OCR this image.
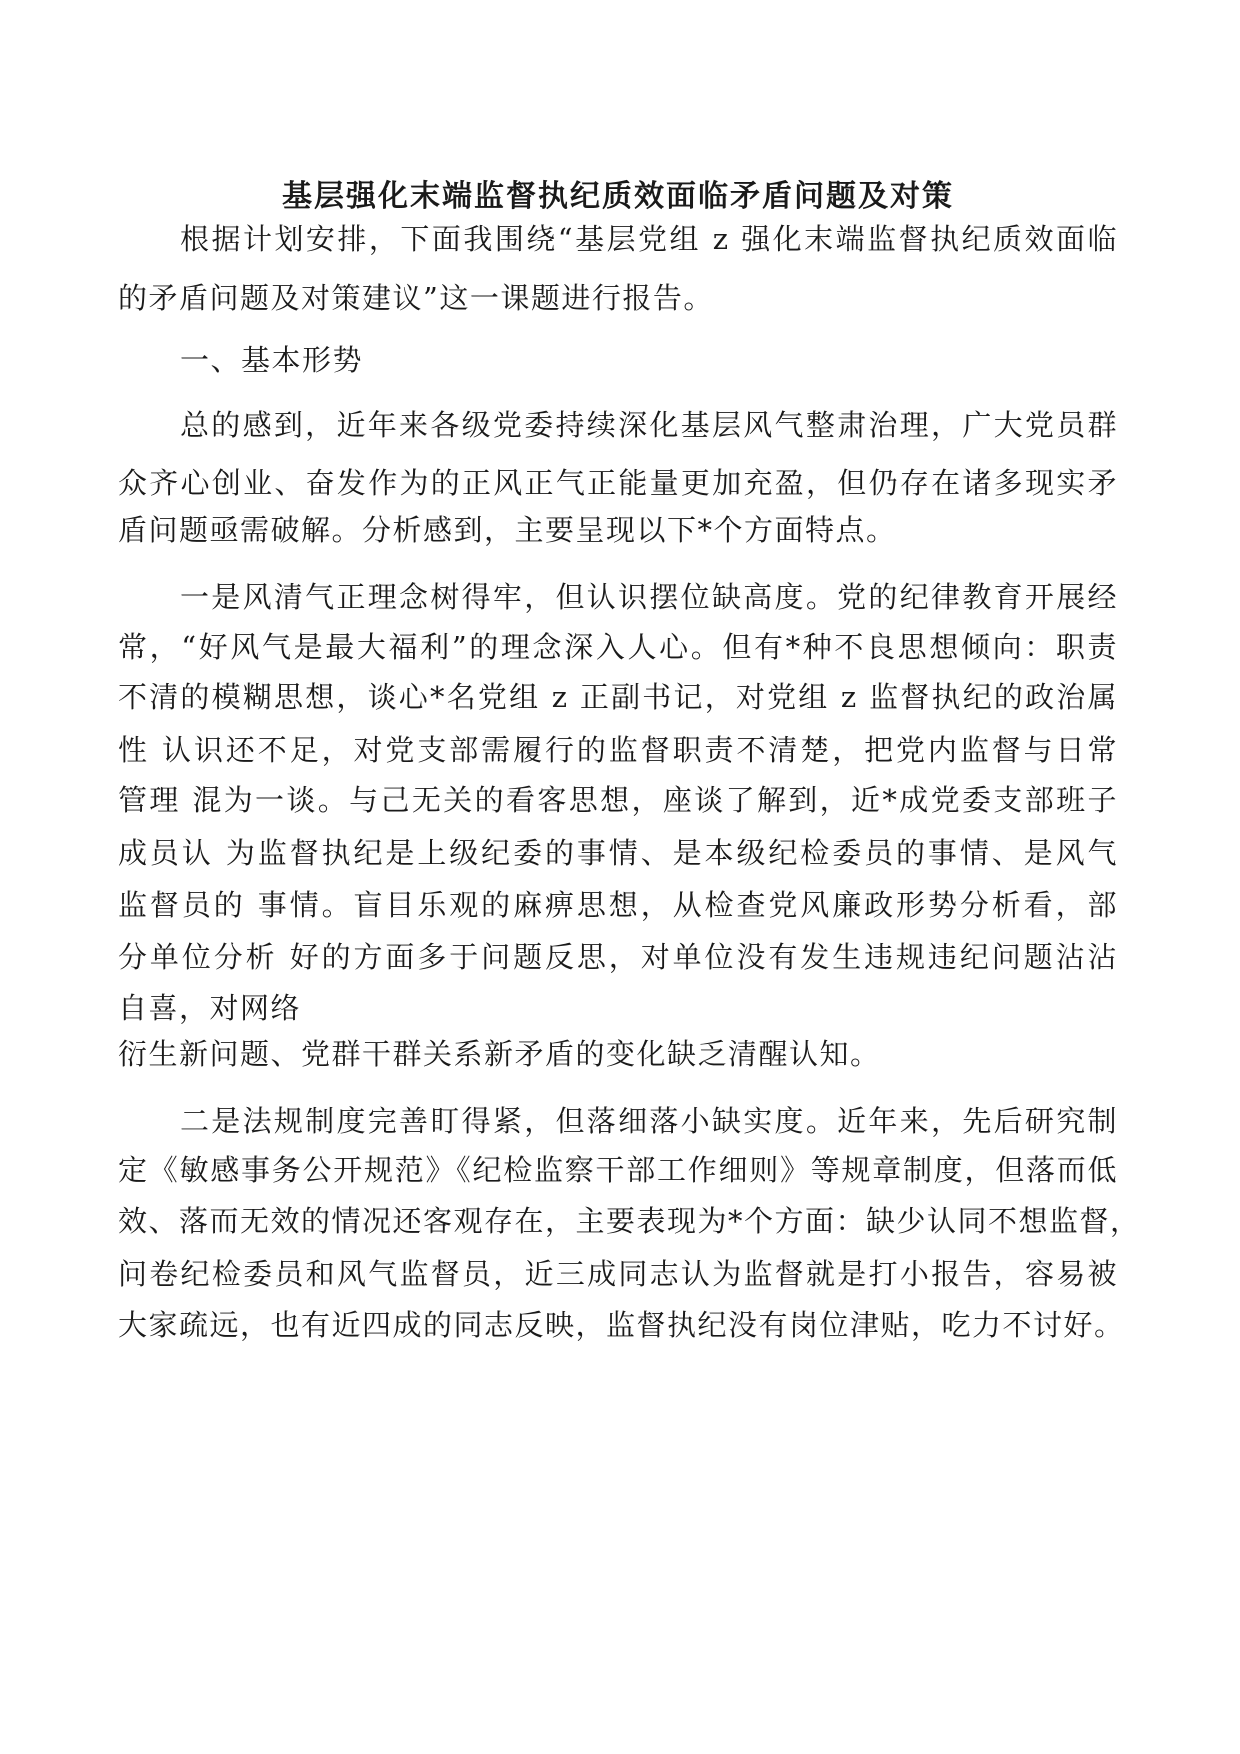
基层强化末端监督执纪质效面临矛盾问题及对策
根据计划安排，下面我围绕“基层党组 z 强化末端监督执纪质效面临
的矛盾问题及对策建议”这一课题进行报告。
一、基本形势
总的感到，近年来各级党委持续深化基层风气整肃治理，广大党员群
众齐心创业、奋发作为的正风正气正能量更加充盈，但仍存在诸多现实矛
盾问题亟需破解。分析感到，主要呈现以下*个方面特点。
一是风清气正理念树得牢，但认识摆位缺高度。党的纪律教育开展经
常，“好风气是最大福利”的理念深入人心。但有*种不良思想倾向：职责
不清的模糊思想，谈心*名党组 z 正副书记，对党组 z 监督执纪的政治属
性 认识还不足，对党支部需履行的监督职责不清楚，把党内监督与日常
管理 混为一谈。与己无关的看客思想，座谈了解到，近*成党委支部班子
成员认 为监督执纪是上级纪委的事情、是本级纪检委员的事情、是风气
监督员的 事情。盲目乐观的麻痹思想，从检查党风廉政形势分析看，部
分单位分析 好的方面多于问题反思，对单位没有发生违规违纪问题沾沾
自喜，对网络
衍生新问题、党群干群关系新矛盾的变化缺乏清醒认知。
二是法规制度完善盯得紧，但落细落小缺实度。近年来，先后研究制
定《敏感事务公开规范》《纪检监察干部工作细则》等规章制度，但落而低
效、落而无效的情况还客观存在，主要表现为*个方面：缺少认同不想监督，
问卷纪检委员和风气监督员，近三成同志认为监督就是打小报告，容易被
大家疏远，也有近四成的同志反映，监督执纪没有岗位津贴，吃力不讨好。
